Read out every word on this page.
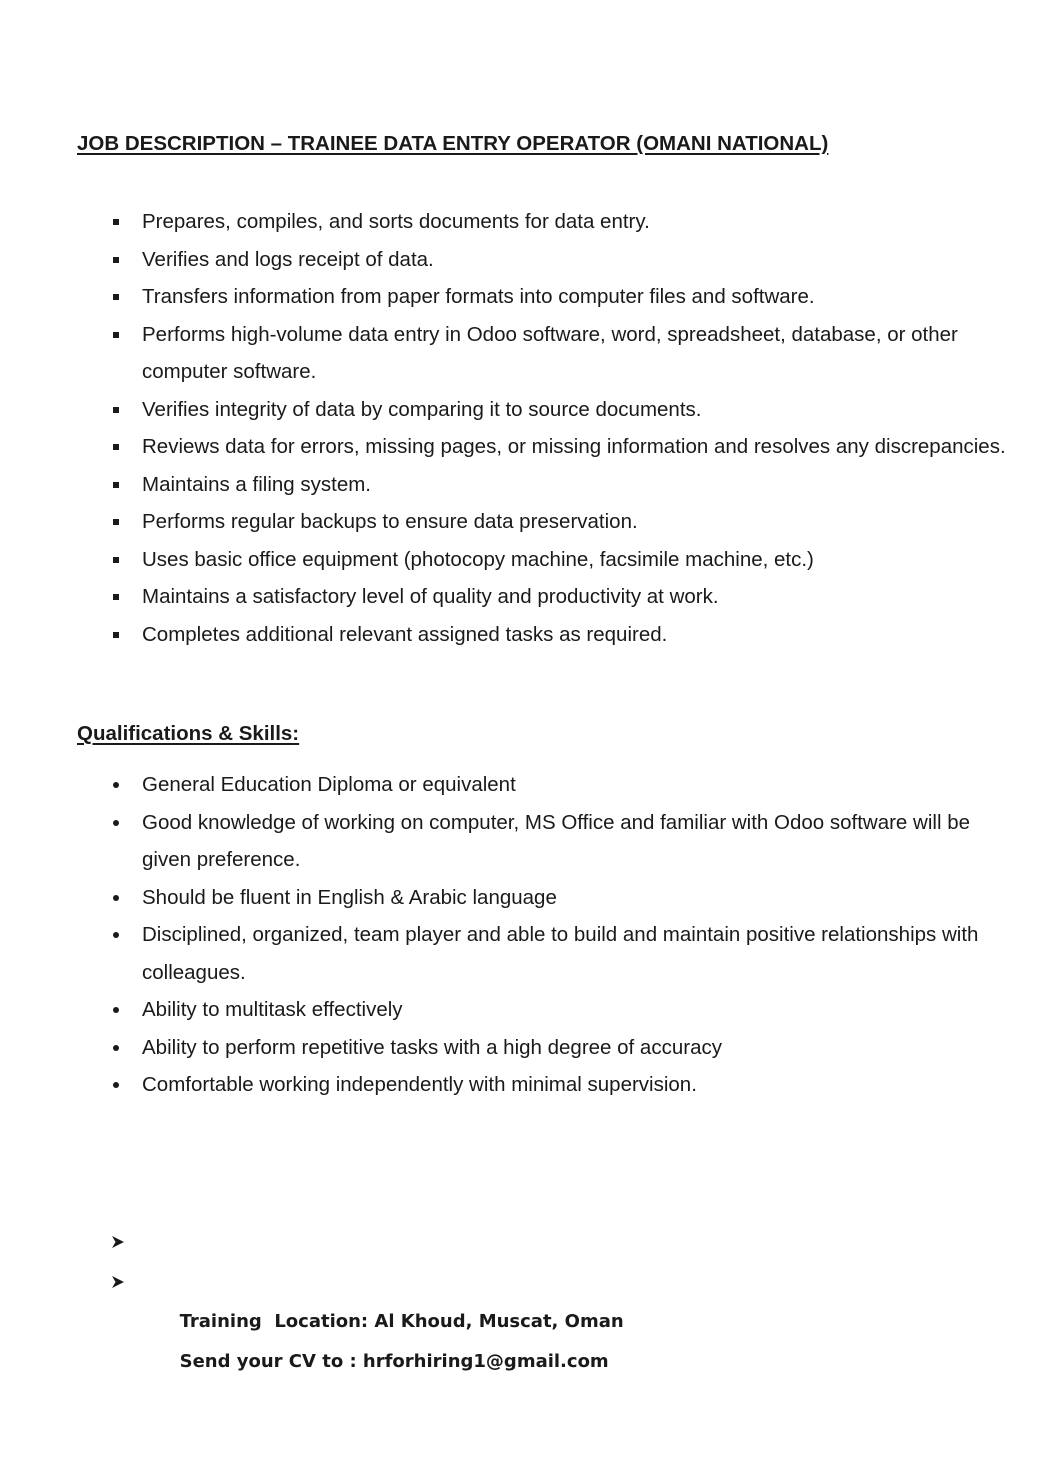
JOB DESCRIPTION – TRAINEE DATA ENTRY OPERATOR (OMANI NATIONAL)
Prepares, compiles, and sorts documents for data entry.
Verifies and logs receipt of data.
Transfers information from paper formats into computer files and software.
Performs high-volume data entry in Odoo software, word, spreadsheet, database, or other computer software.
Verifies integrity of data by comparing it to source documents.
Reviews data for errors, missing pages, or missing information and resolves any discrepancies.
Maintains a filing system.
Performs regular backups to ensure data preservation.
Uses basic office equipment (photocopy machine, facsimile machine, etc.)
Maintains a satisfactory level of quality and productivity at work.
Completes additional relevant assigned tasks as required.
Qualifications & Skills:
General Education Diploma or equivalent
Good knowledge of working on computer, MS Office and familiar with Odoo software will be given preference.
Should be fluent in English & Arabic language
Disciplined, organized, team player and able to build and maintain positive relationships with colleagues.
Ability to multitask effectively
Ability to perform repetitive tasks with a high degree of accuracy
Comfortable working independently with minimal supervision.

Training  Location: Al Khoud, Muscat, Oman

Send your CV to : hrforhiring1@gmail.com
